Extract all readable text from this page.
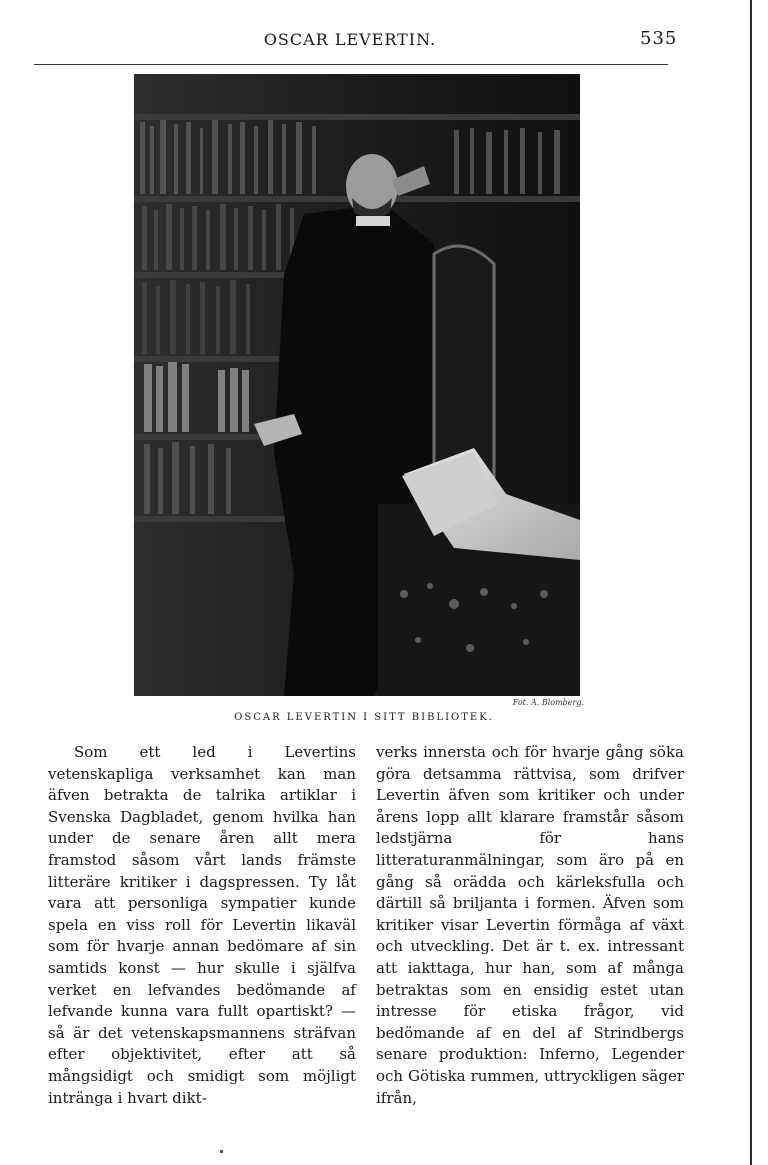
OSCAR LEVERTIN.	535
Fot. A. Blomberg.
OSCAR LEVERTIN I SITT BIBLIOTEK.

Som ett led i Levertins vetenskapliga verksamhet kan man äfven betrakta de talrika artiklar i Svenska Dagbladet, genom hvilka han under de senare åren allt mera framstod såsom vårt lands främste litteräre kritiker i dagspressen. Ty låt vara att personliga sympatier kunde spela en viss roll för Levertin likaväl som för hvarje annan bedömare af sin samtids konst — hur skulle i själfva verket en lefvandes bedömande af lefvande kunna vara fullt opartiskt? — så är det vetenskapsmannens sträfvan efter objektivitet, efter att så mångsidigt och smidigt som möjligt intränga i hvart dikt-

verks innersta och för hvarje gång söka göra detsamma rättvisa, som drifver Levertin äfven som kritiker och under årens lopp allt klarare framstår såsom ledstjärna för hans litteraturanmälningar, som äro på en gång så orädda och kärleksfulla och därtill så briljanta i formen. Äfven som kritiker visar Levertin förmåga af växt och utveckling. Det är t. ex. intressant att iakttaga, hur han, som af många betraktas som en ensidig estet utan intresse för etiska frågor, vid bedömande af en del af Strindbergs senare produktion: Inferno, Legender och Götiska rummen, uttryckligen säger ifrån,
